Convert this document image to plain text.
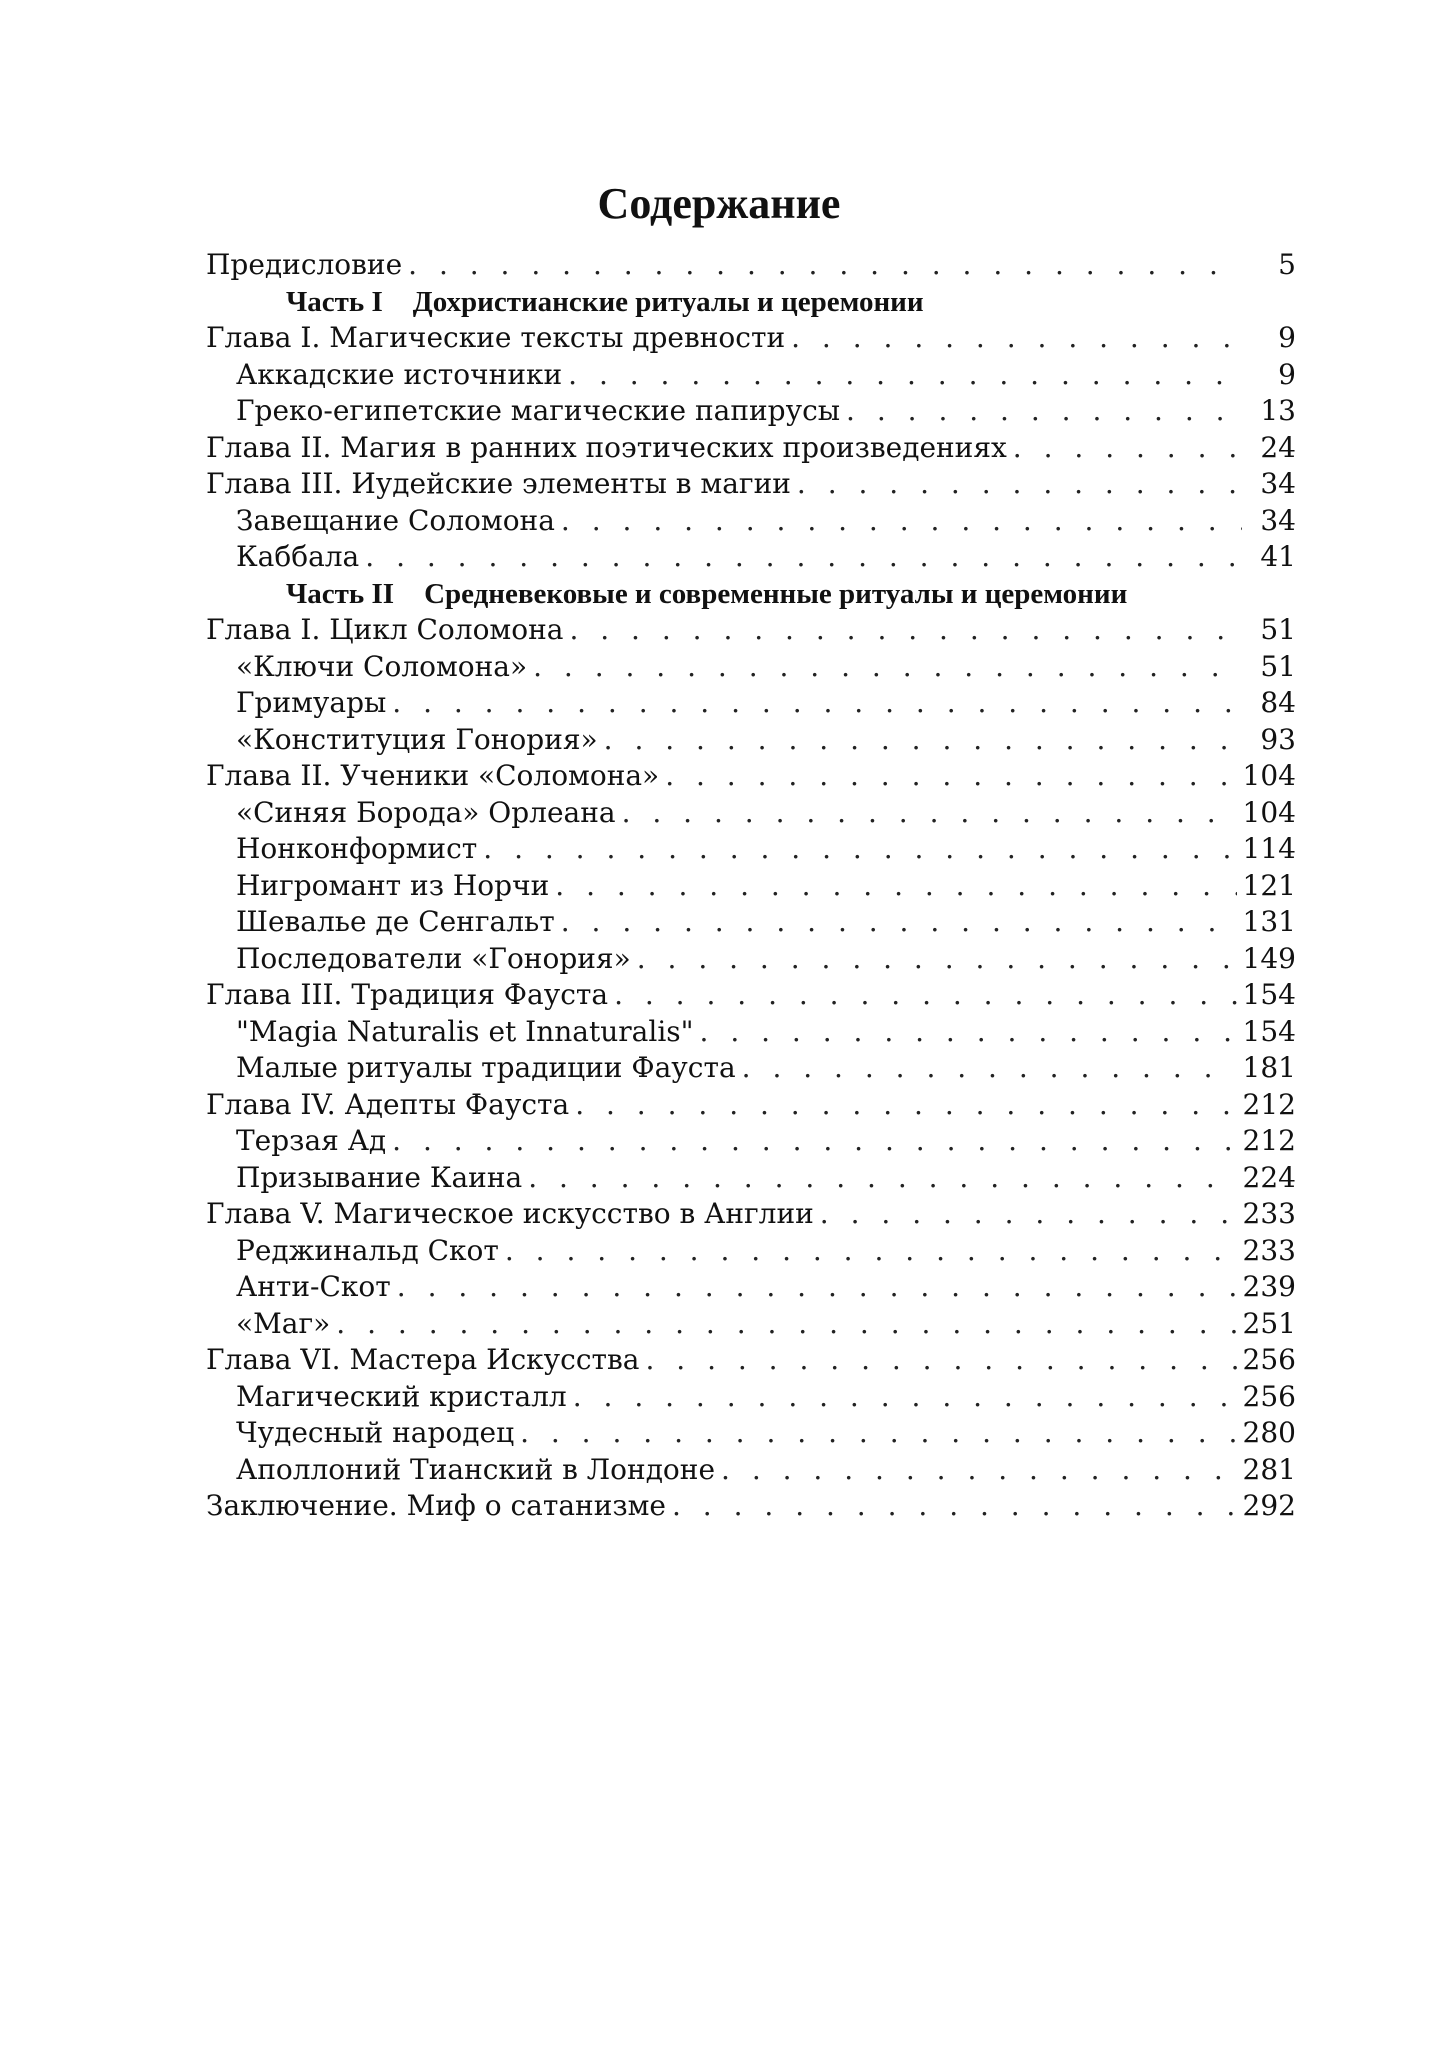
Содержание
Предисловие . . .	5
Часть I Дохристианские ритуалы и церемонии
Глава I. Магические тексты древности . . .	9
Аккадские источники . . .	9
Греко-египетские магические папирусы . . .	13
Глава II. Магия в ранних поэтических произведениях . . .	24
Глава III. Иудейские элементы в магии . . .	34
Завещание Соломона . . .	34
Каббала . . .	41
Часть II Средневековые и современные ритуалы и церемонии
Глава I. Цикл Соломона . . .	51
«Ключи Соломона» . . .	51
Гримуары . . .	84
«Конституция Гонория» . . .	93
Глава II. Ученики «Соломона» . . .	104
«Синяя Борода» Орлеана . . .	104
Нонконформист . . .	114
Нигромант из Норчи . . .	121
Шевалье де Сенгальт . . .	131
Последователи «Гонория» . . .	149
Глава III. Традиция Фауста . . .	154
"Magia Naturalis et Innaturalis" . . .	154
Малые ритуалы традиции Фауста . . .	181
Глава IV. Адепты Фауста . . .	212
Терзая Ад . . .	212
Призывание Каина . . .	224
Глава V. Магическое искусство в Англии . . .	233
Реджинальд Скот . . .	233
Анти-Скот . . .	239
«Маг» . . .	251
Глава VI. Мастера Искусства . . .	256
Магический кристалл . . .	256
Чудесный народец . . .	280
Аполлоний Тианский в Лондоне . . .	281
Заключение. Миф о сатанизме . . .	292
